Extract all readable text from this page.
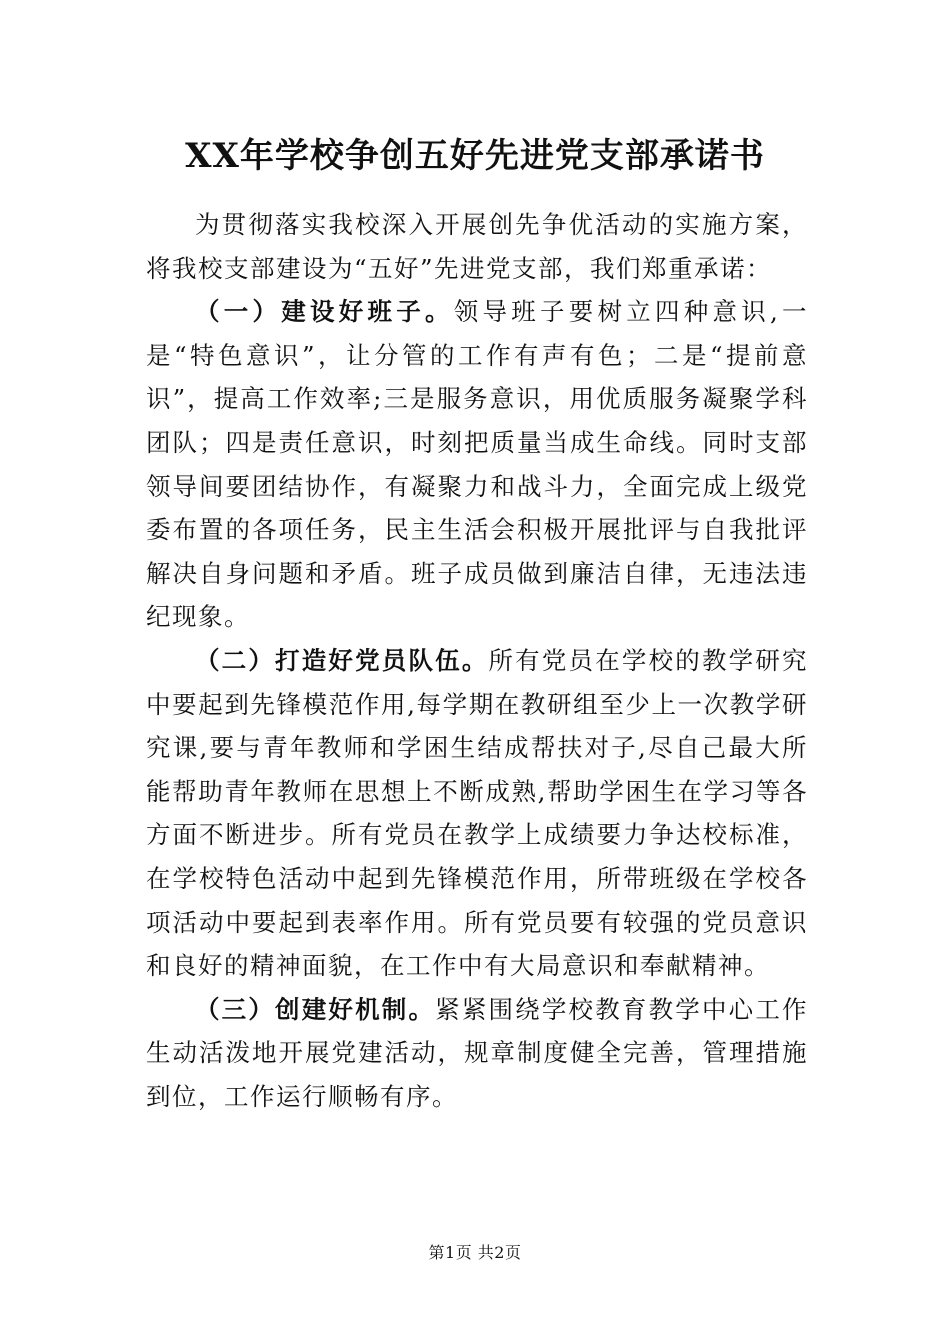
XX年学校争创五好先进党支部承诺书

为贯彻落实我校深入开展创先争优活动的实施方案，将我校支部建设为“五好”先进党支部，我们郑重承诺：

（一）建设好班子。领导班子要树立四种意识,一是“特色意识”，让分管的工作有声有色；二是“提前意识”，提高工作效率;三是服务意识，用优质服务凝聚学科团队；四是责任意识，时刻把质量当成生命线。同时支部领导间要团结协作，有凝聚力和战斗力，全面完成上级党委布置的各项任务，民主生活会积极开展批评与自我批评解决自身问题和矛盾。班子成员做到廉洁自律，无违法违纪现象。

（二）打造好党员队伍。所有党员在学校的教学研究中要起到先锋模范作用,每学期在教研组至少上一次教学研究课,要与青年教师和学困生结成帮扶对子,尽自己最大所能帮助青年教师在思想上不断成熟,帮助学困生在学习等各方面不断进步。所有党员在教学上成绩要力争达校标准，在学校特色活动中起到先锋模范作用，所带班级在学校各项活动中要起到表率作用。所有党员要有较强的党员意识和良好的精神面貌，在工作中有大局意识和奉献精神。

（三）创建好机制。紧紧围绕学校教育教学中心工作生动活泼地开展党建活动，规章制度健全完善，管理措施到位，工作运行顺畅有序。

第1页 共2页
